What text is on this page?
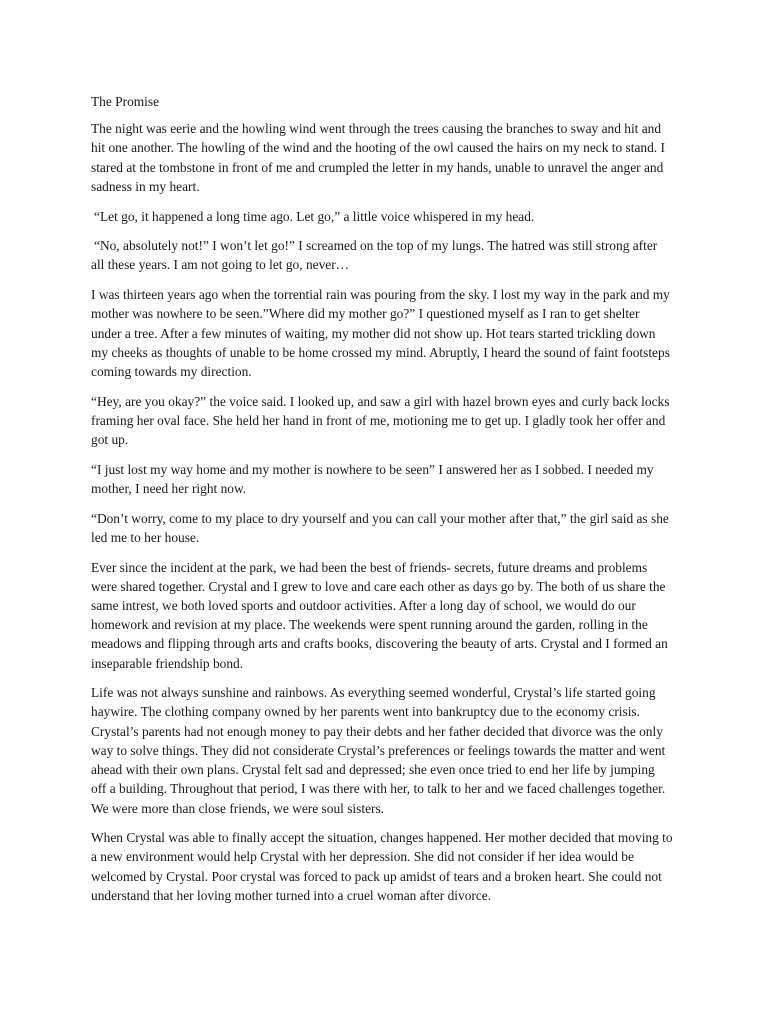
The Promise

The night was eerie and the howling wind went through the trees causing the branches to sway and hit and hit one another. The howling of the wind and the hooting of the owl caused the hairs on my neck to stand. I stared at the tombstone in front of me and crumpled the letter in my hands, unable to unravel the anger and sadness in my heart.

“Let go, it happened a long time ago. Let go,” a little voice whispered in my head.

“No, absolutely not!” I won’t let go!” I screamed on the top of my lungs. The hatred was still strong after all these years. I am not going to let go, never…

I was thirteen years ago when the torrential rain was pouring from the sky. I lost my way in the park and my mother was nowhere to be seen.”Where did my mother go?” I questioned myself as I ran to get shelter under a tree. After a few minutes of waiting, my mother did not show up. Hot tears started trickling down my cheeks as thoughts of unable to be home crossed my mind. Abruptly, I heard the sound of faint footsteps coming towards my direction.

“Hey, are you okay?” the voice said. I looked up, and saw a girl with hazel brown eyes and curly back locks framing her oval face. She held her hand in front of me, motioning me to get up. I gladly took her offer and got up.

“I just lost my way home and my mother is nowhere to be seen” I answered her as I sobbed. I needed my mother, I need her right now.

“Don’t worry, come to my place to dry yourself and you can call your mother after that,” the girl said as she led me to her house.

Ever since the incident at the park, we had been the best of friends- secrets, future dreams and problems were shared together. Crystal and I grew to love and care each other as days go by. The both of us share the same intrest, we both loved sports and outdoor activities. After a long day of school, we would do our homework and revision at my place. The weekends were spent running around the garden, rolling in the meadows and flipping through arts and crafts books, discovering the beauty of arts. Crystal and I formed an inseparable friendship bond.

Life was not always sunshine and rainbows. As everything seemed wonderful, Crystal’s life started going haywire. The clothing company owned by her parents went into bankruptcy due to the economy crisis. Crystal’s parents had not enough money to pay their debts and her father decided that divorce was the only way to solve things. They did not considerate Crystal’s preferences or feelings towards the matter and went ahead with their own plans. Crystal felt sad and depressed; she even once tried to end her life by jumping off a building. Throughout that period, I was there with her, to talk to her and we faced challenges together. We were more than close friends, we were soul sisters.

When Crystal was able to finally accept the situation, changes happened. Her mother decided that moving to a new environment would help Crystal with her depression. She did not consider if her idea would be welcomed by Crystal. Poor crystal was forced to pack up amidst of tears and a broken heart. She could not understand that her loving mother turned into a cruel woman after divorce.
